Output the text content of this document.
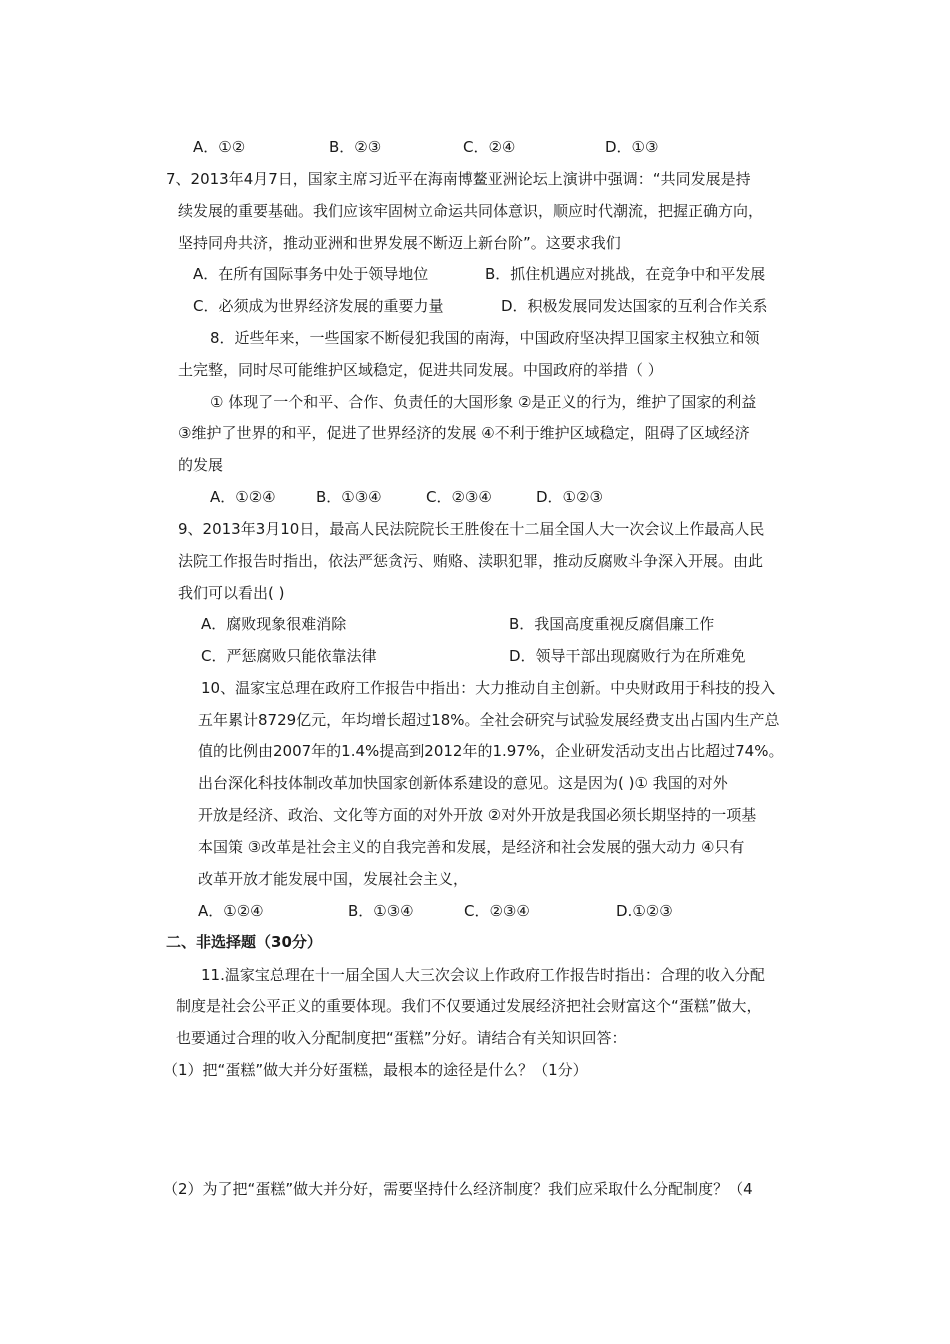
A．①②	B．②③	C．②④	D．①③
7、2013年4月7日，国家主席习近平在海南博鳌亚洲论坛上演讲中强调：“共同发展是持
续发展的重要基础。我们应该牢固树立命运共同体意识，顺应时代潮流，把握正确方向，
坚持同舟共济，推动亚洲和世界发展不断迈上新台阶”。这要求我们
A．在所有国际事务中处于领导地位	B．抓住机遇应对挑战，在竞争中和平发展
C．必须成为世界经济发展的重要力量	D．积极发展同发达国家的互利合作关系
8．近些年来，一些国家不断侵犯我国的南海，中国政府坚决捍卫国家主权独立和领
土完整，同时尽可能维护区域稳定，促进共同发展。中国政府的举措（ ）
① 体现了一个和平、合作、负责任的大国形象 ②是正义的行为，维护了国家的利益
③维护了世界的和平，促进了世界经济的发展 ④不利于维护区域稳定，阻碍了区域经济
的发展
A．①②④	B．①③④	C．②③④	D．①②③
9、2013年3月10日，最高人民法院院长王胜俊在十二届全国人大一次会议上作最高人民
法院工作报告时指出，依法严惩贪污、贿赂、渎职犯罪，推动反腐败斗争深入开展。由此
我们可以看出( )
A．腐败现象很难消除	B．我国高度重视反腐倡廉工作
C．严惩腐败只能依靠法律	D．领导干部出现腐败行为在所难免
10、温家宝总理在政府工作报告中指出：大力推动自主创新。中央财政用于科技的投入
五年累计8729亿元，年均增长超过18%。全社会研究与试验发展经费支出占国内生产总
值的比例由2007年的1.4%提高到2012年的1.97%，企业研发活动支出占比超过74%。
出台深化科技体制改革加快国家创新体系建设的意见。这是因为( )① 我国的对外
开放是经济、政治、文化等方面的对外开放 ②对外开放是我国必须长期坚持的一项基
本国策 ③改革是社会主义的自我完善和发展，是经济和社会发展的强大动力 ④只有
改革开放才能发展中国，发展社会主义，
A．①②④	B．①③④	C．②③④	D.①②③
二、非选择题（30分）
11.温家宝总理在十一届全国人大三次会议上作政府工作报告时指出：合理的收入分配
制度是社会公平正义的重要体现。我们不仅要通过发展经济把社会财富这个“蛋糕”做大，
也要通过合理的收入分配制度把“蛋糕”分好。请结合有关知识回答：
（1）把“蛋糕”做大并分好蛋糕，最根本的途径是什么？（1分）
（2）为了把“蛋糕”做大并分好，需要坚持什么经济制度？我们应采取什么分配制度？（4
